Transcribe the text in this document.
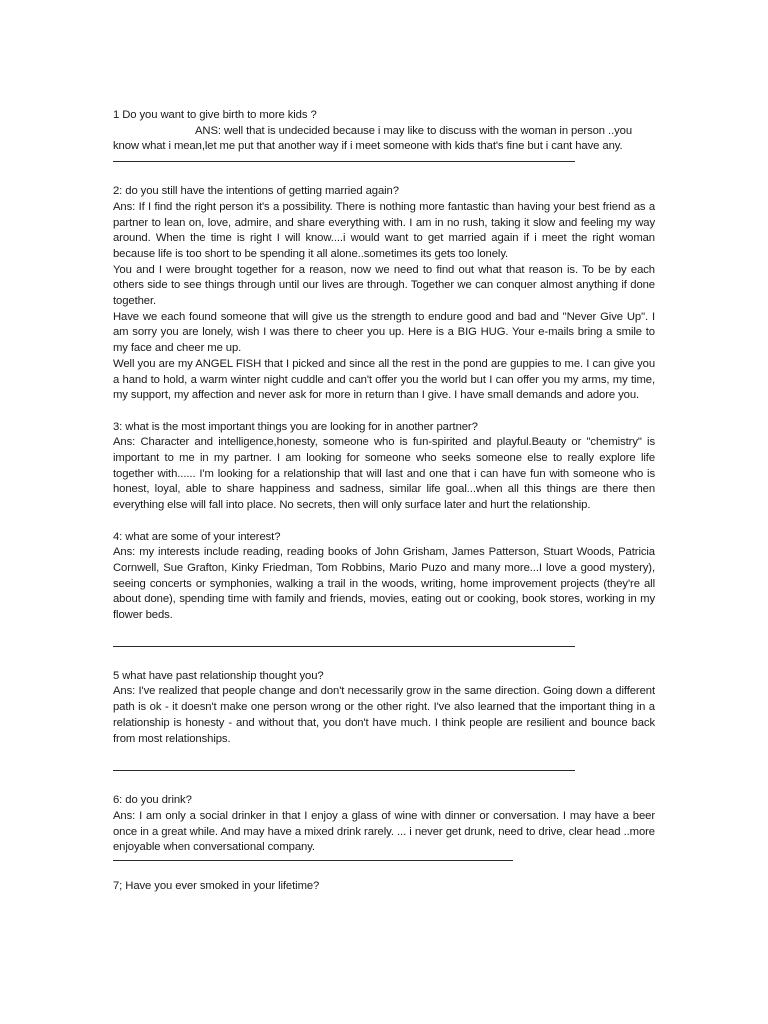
1 Do you want to give birth to more kids ?

ANS: well that is undecided because i may like to discuss with the woman in person ..you
know what i mean,let me put that another way if i meet someone with kids that's fine but i cant have any.

2: do you still have the intentions of getting married again?

Ans: If I find the right person it's a possibility. There is nothing more fantastic than having your best friend as a partner to lean on, love, admire, and share everything with. I am in no rush, taking it slow and feeling my way around. When the time is right I will know....i would want to get married again if i meet the right woman because life is too short to be spending it all alone..sometimes its gets too lonely.

You and I were brought together for a reason, now we need to find out what that reason is. To be by each others side to see things through until our lives are through. Together we can conquer almost anything if done together.

Have we each found someone that will give us the strength to endure good and bad and "Never Give Up". I am sorry you are lonely, wish I was there to cheer you up. Here is a BIG HUG. Your e-mails bring a smile to my face and cheer me up.

Well you are my ANGEL FISH that I picked and since all the rest in the pond are guppies to me. I can give you a hand to hold, a warm winter night cuddle and can't offer you the world but I can offer you my arms, my time, my support, my affection and never ask for more in return than I give. I have small demands and adore you.

3: what is the most important things you are looking for in another partner?

Ans: Character and intelligence,honesty, someone who is fun-spirited and playful.Beauty or "chemistry" is important to me in my partner. I am looking for someone who seeks someone else to really explore life together with...... I'm looking for a relationship that will last and one that i can have fun with someone who is honest, loyal, able to share happiness and sadness, similar life goal...when all this things are there then everything else will fall into place. No secrets, then will only surface later and hurt the relationship.

4: what are some of your interest?

Ans: my interests include reading, reading books of John Grisham, James Patterson, Stuart Woods, Patricia Cornwell, Sue Grafton, Kinky Friedman, Tom Robbins, Mario Puzo and many more...I love a good mystery), seeing concerts or symphonies, walking a trail in the woods, writing, home improvement projects (they're all about done), spending time with family and friends, movies, eating out or cooking, book stores, working in my flower beds.

5 what have past relationship thought you?

Ans: I've realized that people change and don't necessarily grow in the same direction. Going down a different path is ok - it doesn't make one person wrong or the other right. I've also learned that the important thing in a relationship is honesty - and without that, you don't have much. I think people are resilient and bounce back from most relationships.

6: do you drink?

Ans: I am only a social drinker in that I enjoy a glass of wine with dinner or conversation. I may have a beer once in a great while. And may have a mixed drink rarely. ... i never get drunk, need to drive, clear head ..more enjoyable when conversational company.

7; Have you ever smoked in your lifetime?
